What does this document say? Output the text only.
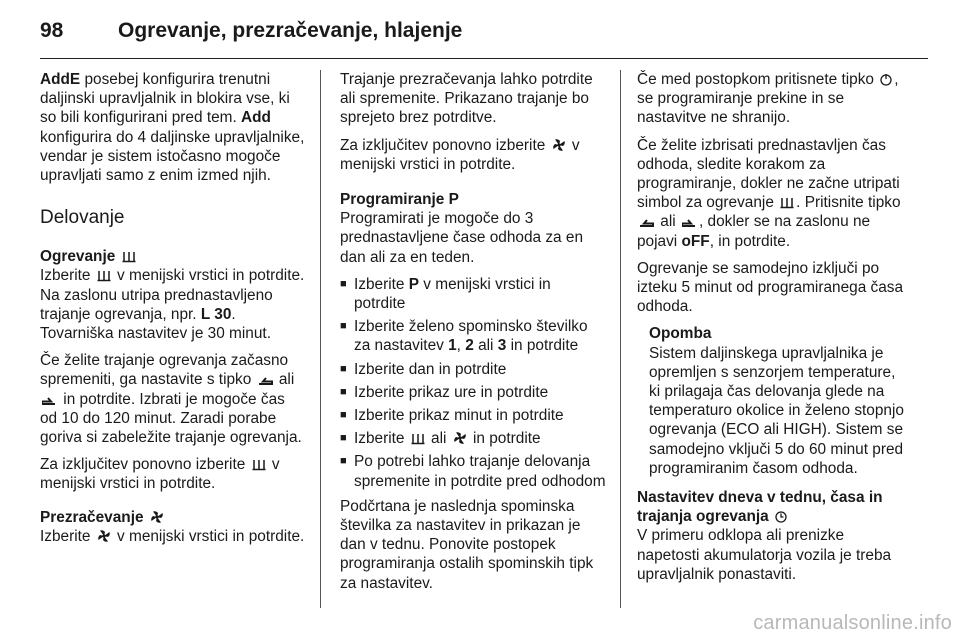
98	Ogrevanje, prezračevanje, hlajenje

AddE posebej konfigurira trenutni daljinski upravljalnik in blokira vse, ki so bili konfigurirani pred tem. Add konfigurira do 4 daljinske upravljalnike, vendar je sistem istočasno mogoče upravljati samo z enim izmed njih.

Delovanje
Ogrevanje

Izberite  v menijski vrstici in potrdite. Na zaslonu utripa prednastavljeno trajanje ogrevanja, npr. L 30. Tovarniška nastavitev je 30 minut.

Če želite trajanje ogrevanja začasno spremeniti, ga nastavite s tipko  ali  in potrdite. Izbrati je mogoče čas od 10 do 120 minut. Zaradi porabe goriva si zabeležite trajanje ogrevanja.

Za izključitev ponovno izberite  v menijski vrstici in potrdite.

Prezračevanje

Izberite  v menijski vrstici in potrdite.

Trajanje prezračevanja lahko potrdite ali spremenite. Prikazano trajanje bo sprejeto brez potrditve.

Za izključitev ponovno izberite  v menijski vrstici in potrdite.

Programiranje P

Programirati je mogoče do 3 prednastavljene čase odhoda za en dan ali za en teden.

■ Izberite P v menijski vrstici in potrdite
■ Izberite želeno spominsko številko za nastavitev 1, 2 ali 3 in potrdite
■ Izberite dan in potrdite
■ Izberite prikaz ure in potrdite
■ Izberite prikaz minut in potrdite
■ Izberite  ali  in potrdite
■ Po potrebi lahko trajanje delovanja spremenite in potrdite pred odhodom

Podčrtana je naslednja spominska številka za nastavitev in prikazan je dan v tednu. Ponovite postopek programiranja ostalih spominskih tipk za nastavitev.

Če med postopkom pritisnete tipko , se programiranje prekine in se nastavitve ne shranijo.

Če želite izbrisati prednastavljen čas odhoda, sledite korakom za programiranje, dokler ne začne utripati simbol za ogrevanje . Pritisnite tipko  ali , dokler se na zaslonu ne pojavi oFF, in potrdite.

Ogrevanje se samodejno izključi po izteku 5 minut od programiranega časa odhoda.

Opomba
Sistem daljinskega upravljalnika je opremljen s senzorjem temperature, ki prilagaja čas delovanja glede na temperaturo okolice in želeno stopnjo ogrevanja (ECO ali HIGH). Sistem se samodejno vključi 5 do 60 minut pred programiranim časom odhoda.
Nastavitev dneva v tednu, časa in trajanja ogrevanja

V primeru odklopa ali prenizke napetosti akumulatorja vozila je treba upravljalnik ponastaviti.

carmanualsonline.info
